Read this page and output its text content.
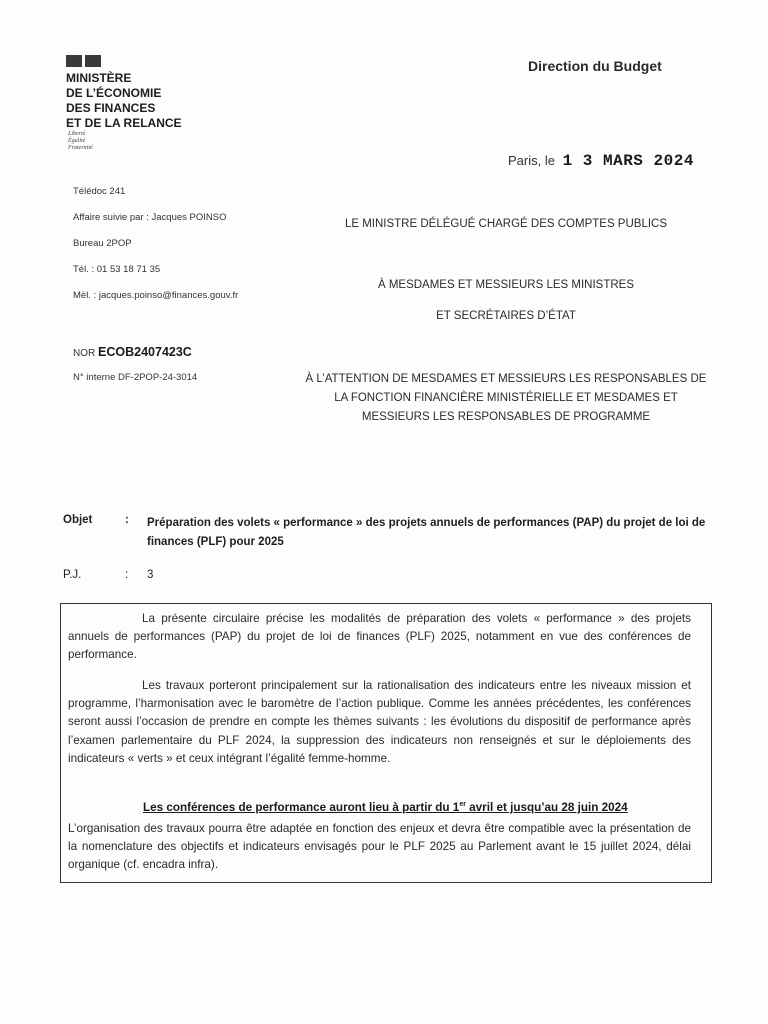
MINISTÈRE
DE L’ÉCONOMIE
DES FINANCES
ET DE LA RELANCE
Liberté
Égalité
Fraternité
Direction du Budget
Paris, le 1 3 MARS 2024
Télédoc 241
Affaire suivie par : Jacques POINSO
Bureau 2POP
Tél. : 01 53 18 71 35
Mèl. : jacques.poinso@finances.gouv.fr
NOR ECOB2407423C
N° interne DF-2POP-24-3014
LE MINISTRE DÉLÉGUÉ CHARGÉ DES COMPTES PUBLICS
À MESDAMES ET MESSIEURS LES MINISTRES
ET SECRÉTAIRES D’ÉTAT
À L’ATTENTION DE MESDAMES ET MESSIEURS LES RESPONSABLES DE LA FONCTION FINANCIÈRE MINISTÉRIELLE ET MESDAMES ET MESSIEURS LES RESPONSABLES DE PROGRAMME
Objet	: Préparation des volets « performance » des projets annuels de performances (PAP) du projet de loi de finances (PLF) pour 2025
P.J.	: 3
La présente circulaire précise les modalités de préparation des volets « performance » des projets annuels de performances (PAP) du projet de loi de finances (PLF) 2025, notamment en vue des conférences de performance.
Les travaux porteront principalement sur la rationalisation des indicateurs entre les niveaux mission et programme, l’harmonisation avec le baromètre de l’action publique. Comme les années précédentes, les conférences seront aussi l’occasion de prendre en compte les thèmes suivants : les évolutions du dispositif de performance après l’examen parlementaire du PLF 2024, la suppression des indicateurs non renseignés et sur le déploiements des indicateurs « verts » et ceux intégrant l’égalité femme-homme.
Les conférences de performance auront lieu à partir du 1er avril et jusqu’au 28 juin 2024
L’organisation des travaux pourra être adaptée en fonction des enjeux et devra être compatible avec la présentation de la nomenclature des objectifs et indicateurs envisagés pour le PLF 2025 au Parlement avant le 15 juillet 2024, délai organique (cf. encadra infra).
